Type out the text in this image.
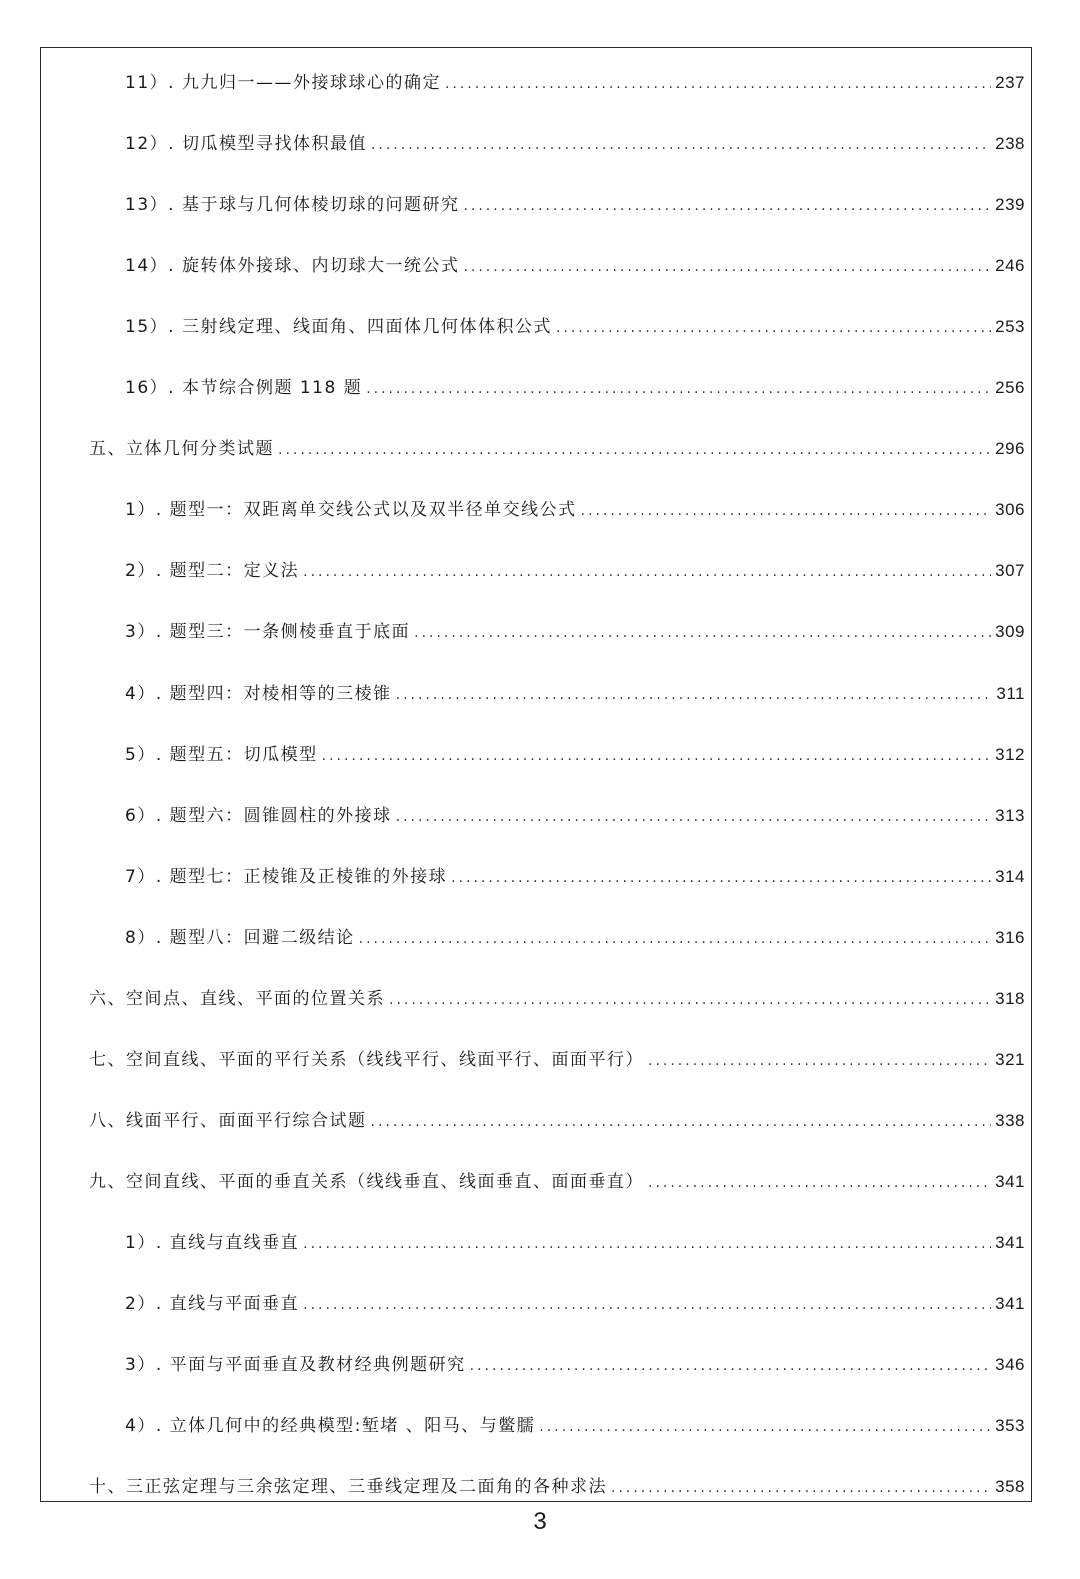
11）. 九九归一——外接球球心的确定 .....	237
12）. 切瓜模型寻找体积最值 .....	238
13）. 基于球与几何体棱切球的问题研究 .....	239
14）. 旋转体外接球、内切球大一统公式 .....	246
15）. 三射线定理、线面角、四面体几何体体积公式 .....	253
16）. 本节综合例题 118 题 .....	256
五、立体几何分类试题 .....	296
1）. 题型一：双距离单交线公式以及双半径单交线公式 .....	306
2）. 题型二：定义法 .....	307
3）. 题型三：一条侧棱垂直于底面 .....	309
4）. 题型四：对棱相等的三棱锥 .....	311
5）. 题型五：切瓜模型 .....	312
6）. 题型六：圆锥圆柱的外接球 .....	313
7）. 题型七：正棱锥及正棱锥的外接球 .....	314
8）. 题型八：回避二级结论 .....	316
六、空间点、直线、平面的位置关系 .....	318
七、空间直线、平面的平行关系（线线平行、线面平行、面面平行） .....	321
八、线面平行、面面平行综合试题 .....	338
九、空间直线、平面的垂直关系（线线垂直、线面垂直、面面垂直） .....	341
1）. 直线与直线垂直 .....	341
2）. 直线与平面垂直 .....	341
3）. 平面与平面垂直及教材经典例题研究 .....	346
4）. 立体几何中的经典模型:堑堵 、阳马、与鳖臑 .....	353
十、三正弦定理与三余弦定理、三垂线定理及二面角的各种求法 .....	358
3
